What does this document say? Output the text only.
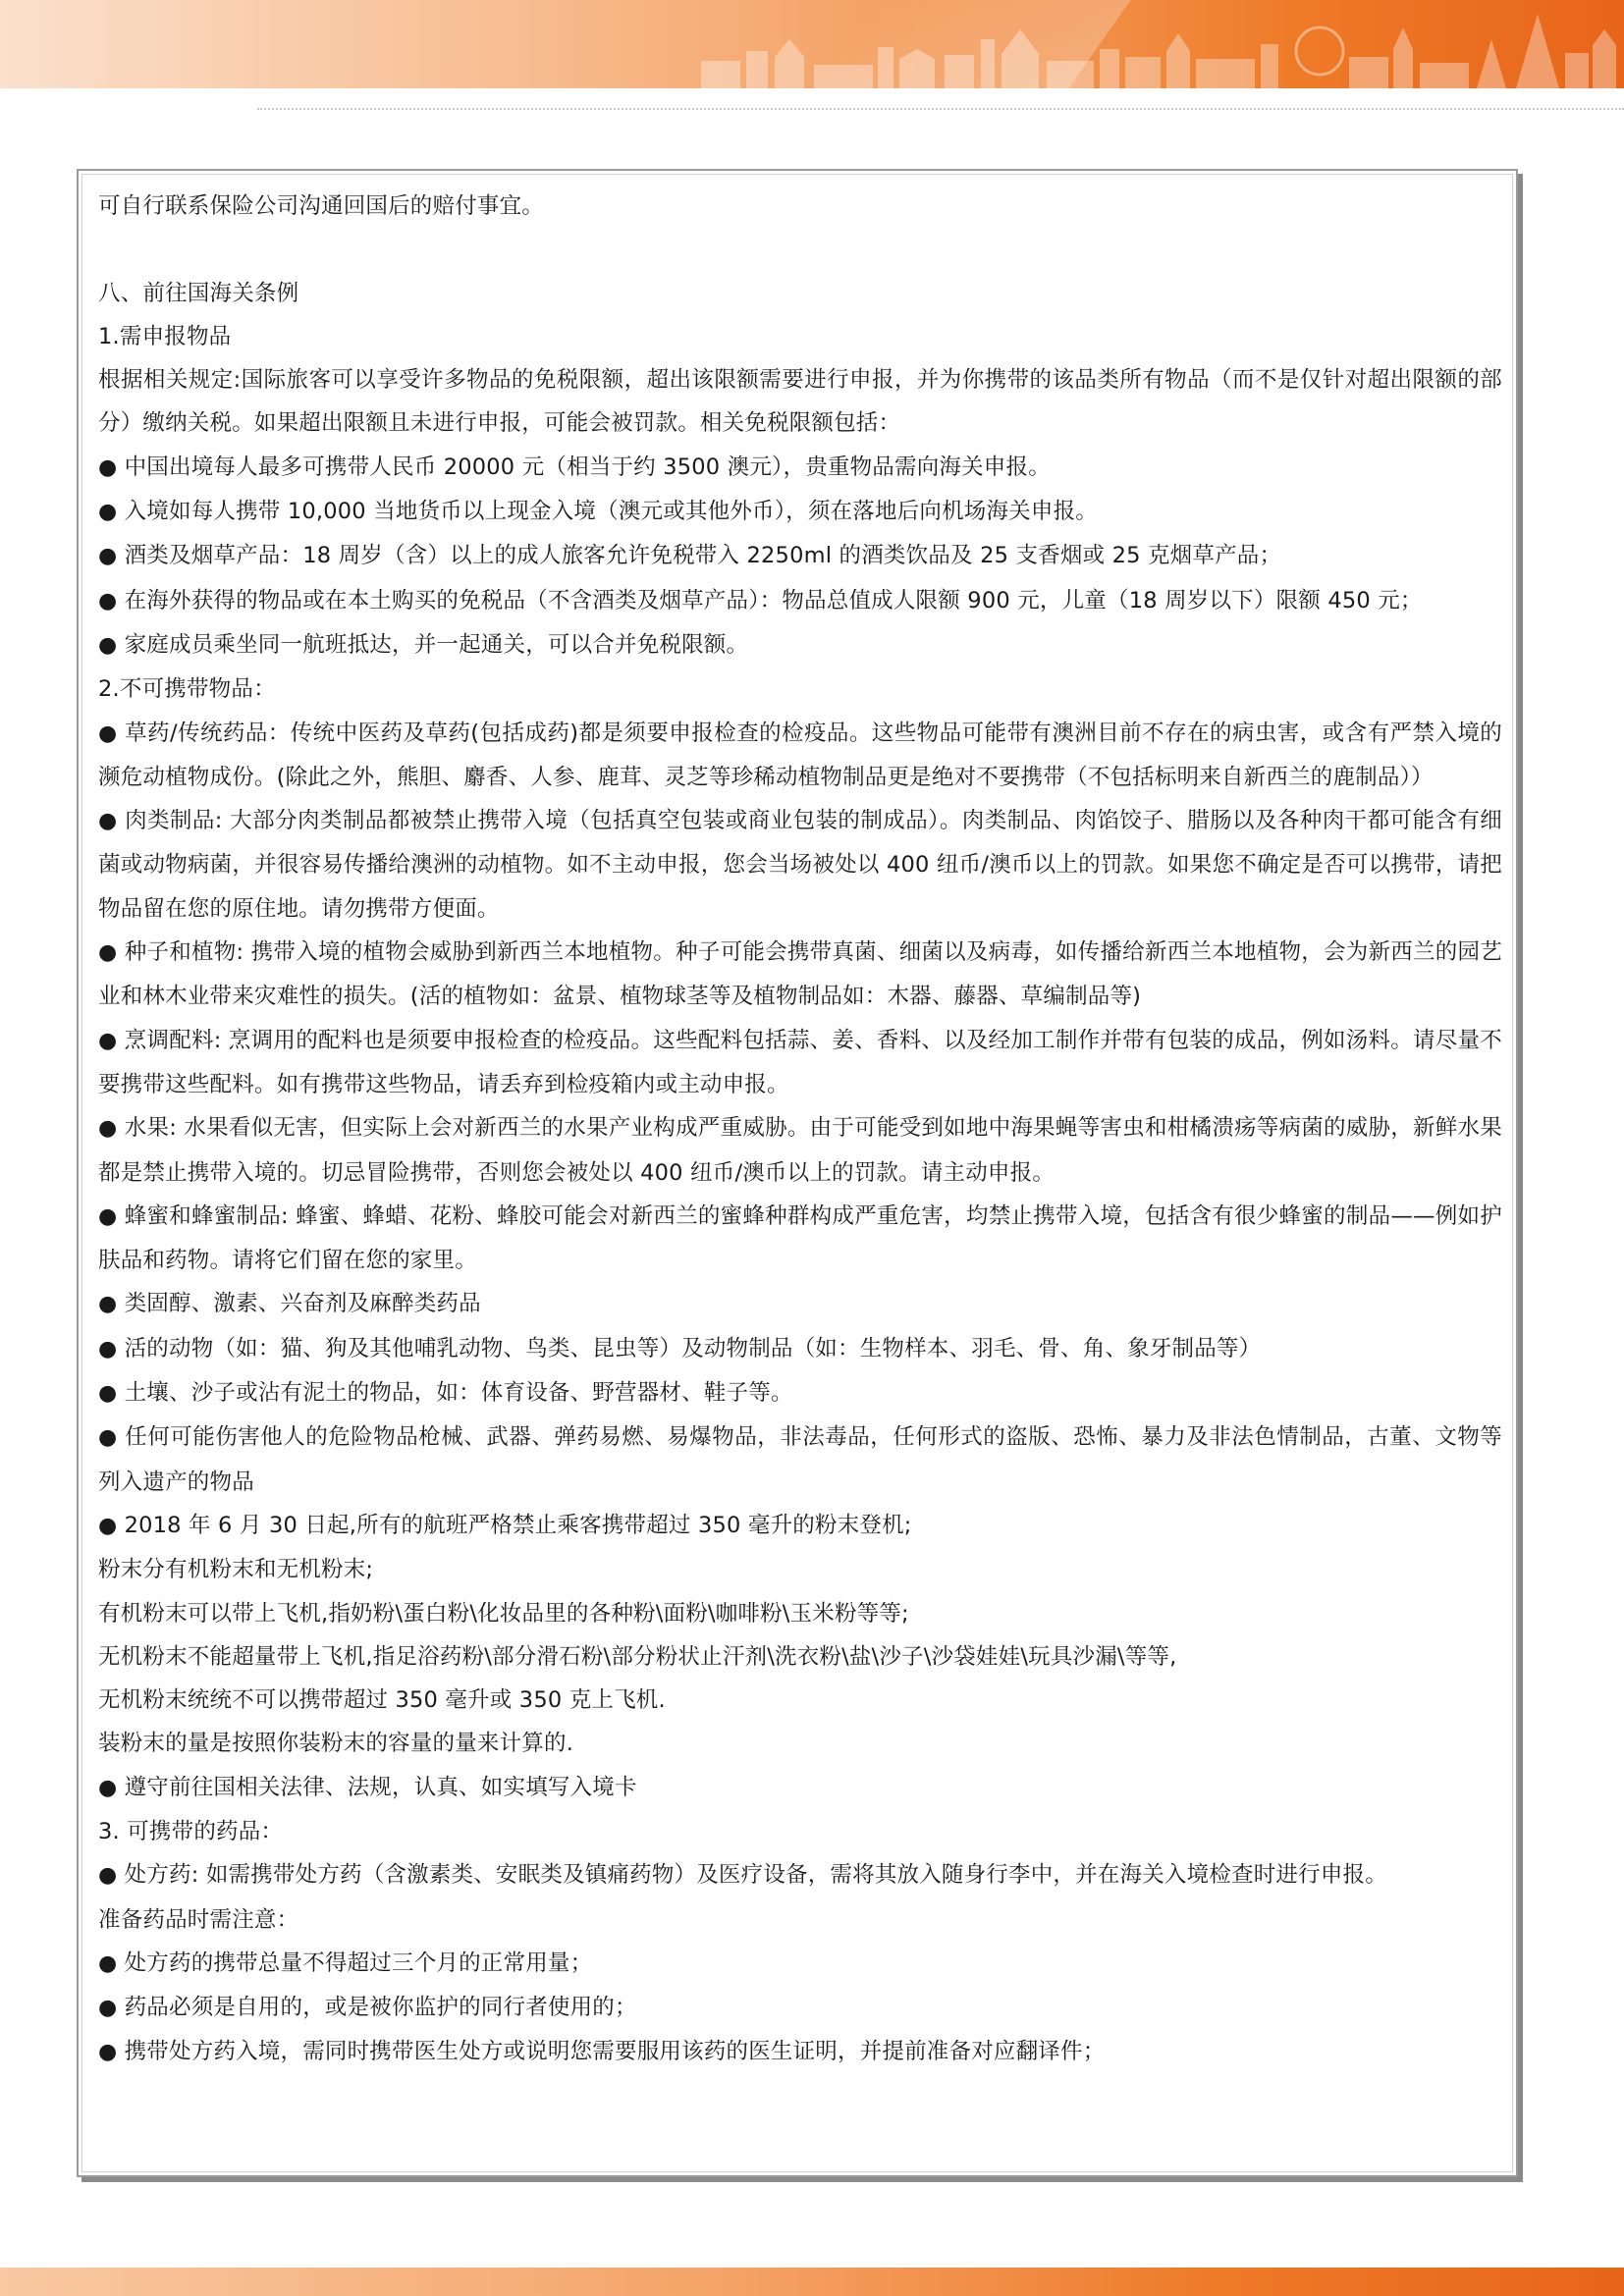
可自行联系保险公司沟通回国后的赔付事宜。

八、前往国海关条例

1.需申报物品

根据相关规定:国际旅客可以享受许多物品的免税限额，超出该限额需要进行申报，并为你携带的该品类所有物品（而不是仅针对超出限额的部分）缴纳关税。如果超出限额且未进行申报，可能会被罚款。相关免税限额包括：

● 中国出境每人最多可携带人民币 20000 元（相当于约 3500 澳元），贵重物品需向海关申报。

● 入境如每人携带 10,000 当地货币以上现金入境（澳元或其他外币），须在落地后向机场海关申报。

● 酒类及烟草产品：18 周岁（含）以上的成人旅客允许免税带入 2250ml 的酒类饮品及 25 支香烟或 25 克烟草产品；

● 在海外获得的物品或在本土购买的免税品（不含酒类及烟草产品）：物品总值成人限额 900 元，儿童（18 周岁以下）限额 450 元；

● 家庭成员乘坐同一航班抵达，并一起通关，可以合并免税限额。

2.不可携带物品：

● 草药/传统药品：传统中医药及草药(包括成药)都是须要申报检查的检疫品。这些物品可能带有澳洲目前不存在的病虫害，或含有严禁入境的濒危动植物成份。(除此之外，熊胆、麝香、人参、鹿茸、灵芝等珍稀动植物制品更是绝对不要携带（不包括标明来自新西兰的鹿制品））

● 肉类制品: 大部分肉类制品都被禁止携带入境（包括真空包装或商业包装的制成品）。肉类制品、肉馅饺子、腊肠以及各种肉干都可能含有细菌或动物病菌，并很容易传播给澳洲的动植物。如不主动申报，您会当场被处以 400 纽币/澳币以上的罚款。如果您不确定是否可以携带，请把物品留在您的原住地。请勿携带方便面。

● 种子和植物: 携带入境的植物会威胁到新西兰本地植物。种子可能会携带真菌、细菌以及病毒，如传播给新西兰本地植物，会为新西兰的园艺业和林木业带来灾难性的损失。(活的植物如：盆景、植物球茎等及植物制品如：木器、藤器、草编制品等)

● 烹调配料: 烹调用的配料也是须要申报检查的检疫品。这些配料包括蒜、姜、香料、以及经加工制作并带有包装的成品，例如汤料。请尽量不要携带这些配料。如有携带这些物品，请丢弃到检疫箱内或主动申报。

● 水果: 水果看似无害，但实际上会对新西兰的水果产业构成严重威胁。由于可能受到如地中海果蝇等害虫和柑橘溃疡等病菌的威胁，新鲜水果都是禁止携带入境的。切忌冒险携带，否则您会被处以 400 纽币/澳币以上的罚款。请主动申报。

● 蜂蜜和蜂蜜制品: 蜂蜜、蜂蜡、花粉、蜂胶可能会对新西兰的蜜蜂种群构成严重危害，均禁止携带入境，包括含有很少蜂蜜的制品——例如护肤品和药物。请将它们留在您的家里。

● 类固醇、激素、兴奋剂及麻醉类药品

● 活的动物（如：猫、狗及其他哺乳动物、鸟类、昆虫等）及动物制品（如：生物样本、羽毛、骨、角、象牙制品等）

● 土壤、沙子或沾有泥土的物品，如：体育设备、野营器材、鞋子等。

● 任何可能伤害他人的危险物品枪械、武器、弹药易燃、易爆物品，非法毒品，任何形式的盗版、恐怖、暴力及非法色情制品，古董、文物等列入遗产的物品

● 2018 年 6 月 30 日起,所有的航班严格禁止乘客携带超过 350 毫升的粉末登机;

粉末分有机粉末和无机粉末;

有机粉末可以带上飞机,指奶粉\蛋白粉\化妆品里的各种粉\面粉\咖啡粉\玉米粉等等;

无机粉末不能超量带上飞机,指足浴药粉\部分滑石粉\部分粉状止汗剂\洗衣粉\盐\沙子\沙袋娃娃\玩具沙漏\等等,

无机粉末统统不可以携带超过 350 毫升或 350 克上飞机.

装粉末的量是按照你装粉末的容量的量来计算的.

● 遵守前往国相关法律、法规，认真、如实填写入境卡

3. 可携带的药品：

● 处方药: 如需携带处方药（含激素类、安眠类及镇痛药物）及医疗设备，需将其放入随身行李中，并在海关入境检查时进行申报。

准备药品时需注意：

● 处方药的携带总量不得超过三个月的正常用量；

● 药品必须是自用的，或是被你监护的同行者使用的；

● 携带处方药入境，需同时携带医生处方或说明您需要服用该药的医生证明，并提前准备对应翻译件；
